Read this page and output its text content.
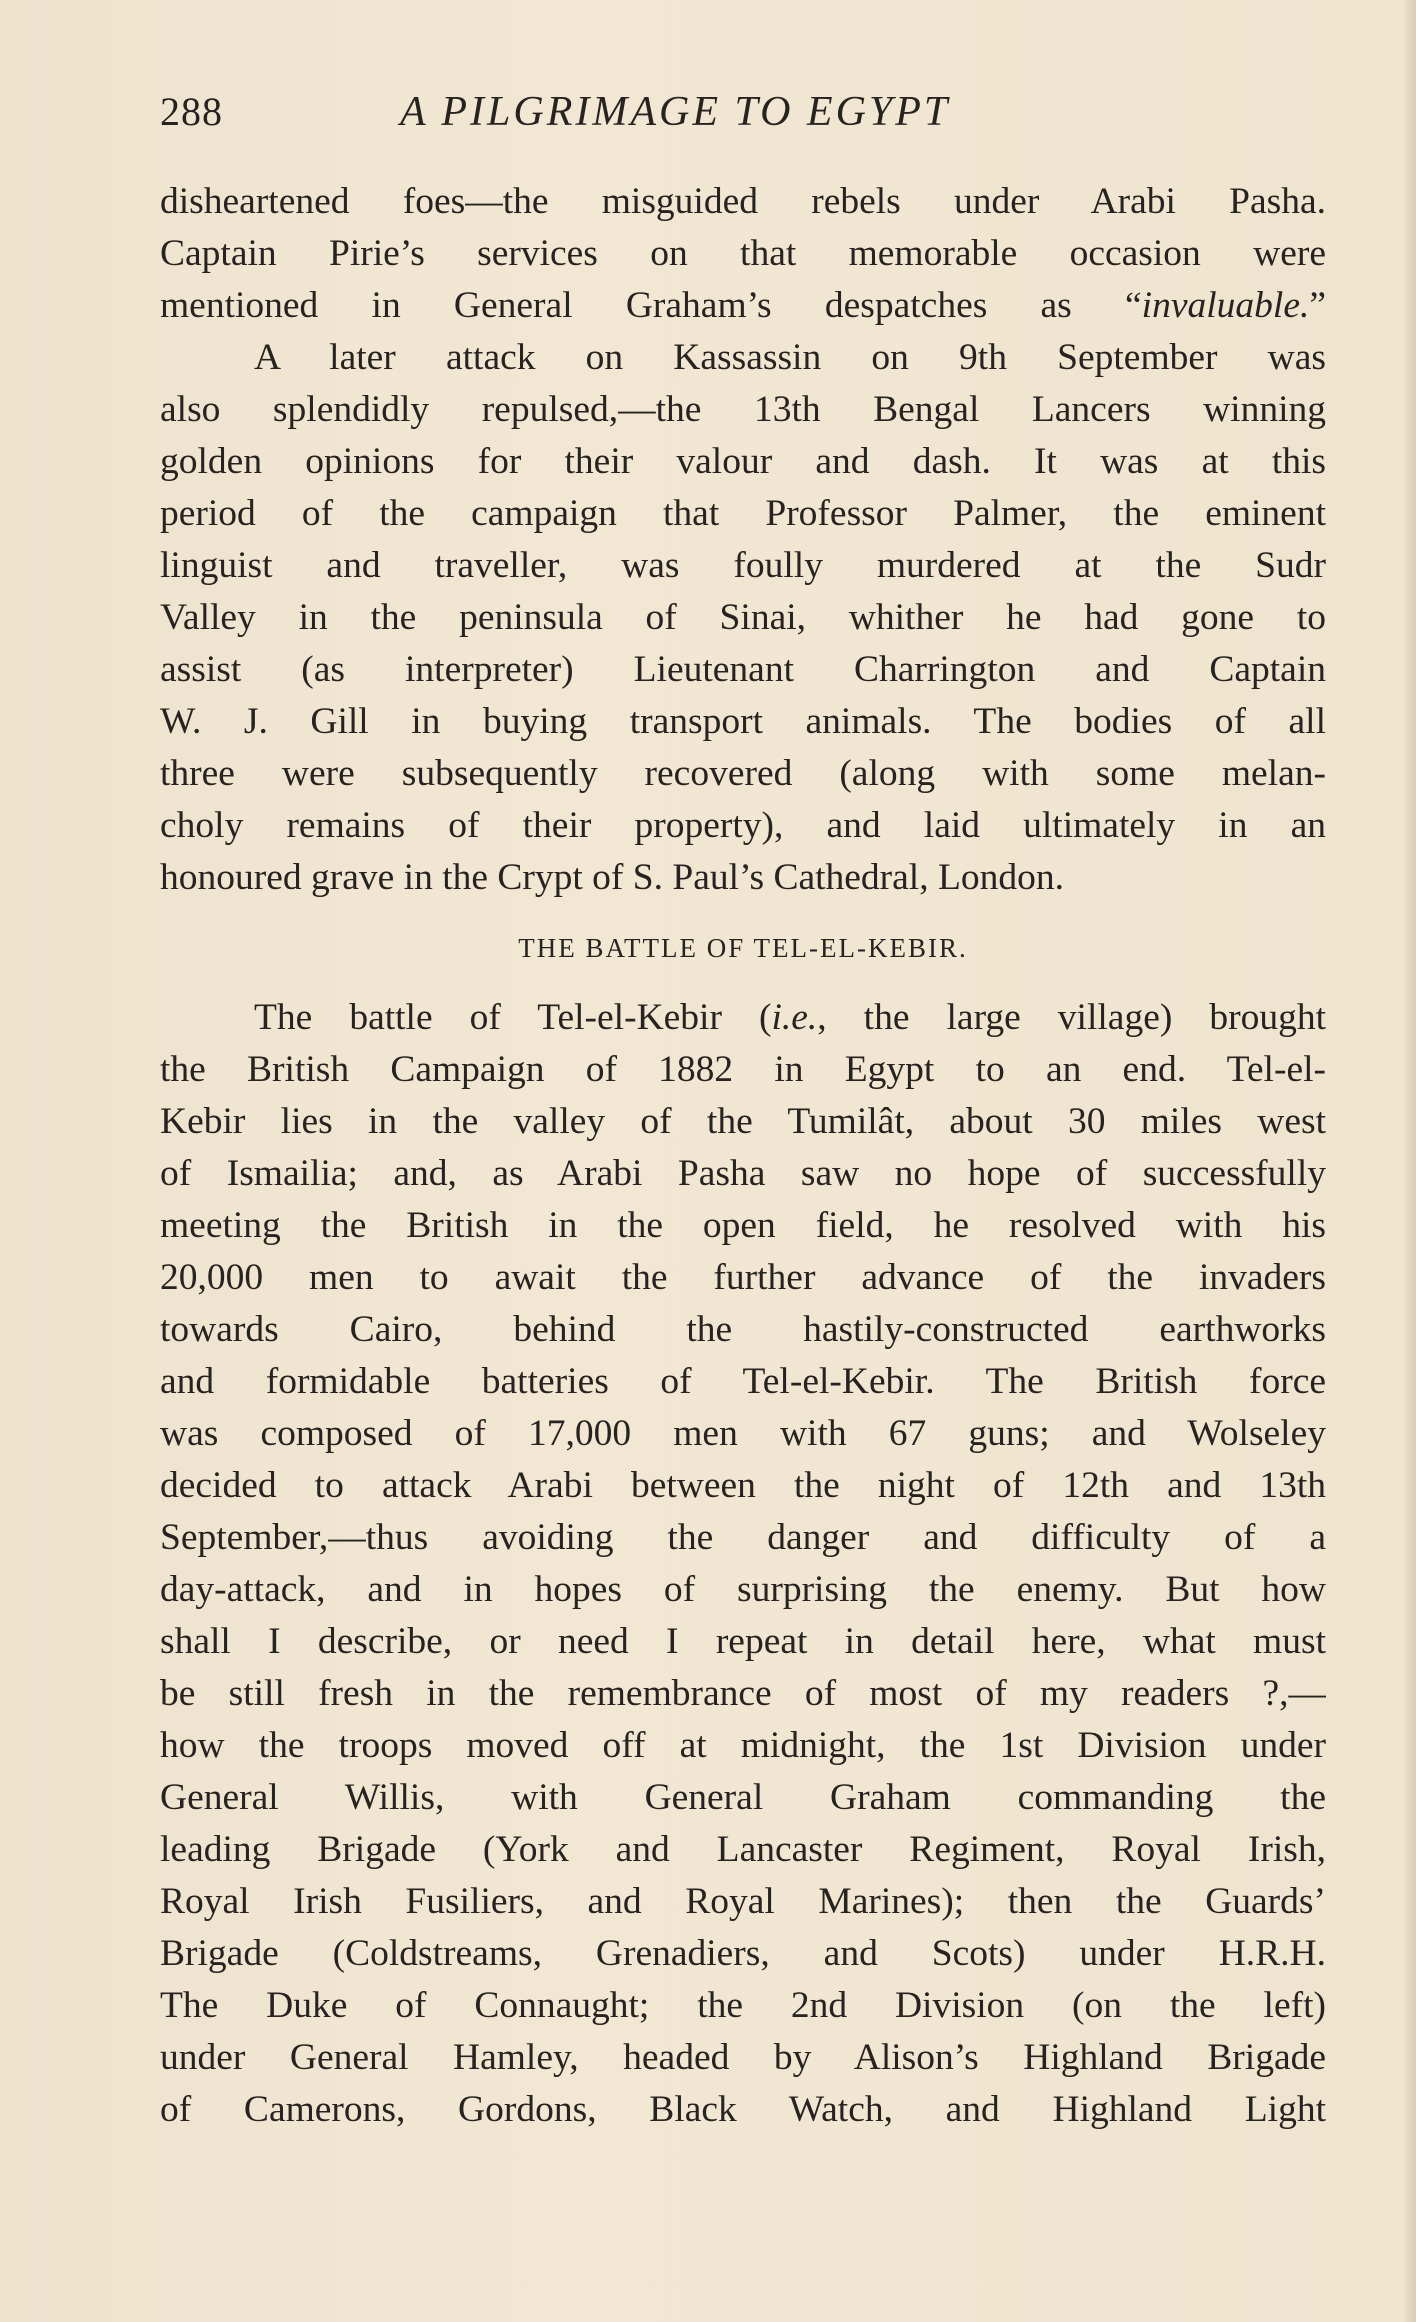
288	A PILGRIMAGE TO EGYPT
disheartened foes—the misguided rebels under Arabi Pasha.
Captain Pirie’s services on that memorable occasion were
mentioned in General Graham’s despatches as “invaluable.”
A later attack on Kassassin on 9th September was
also splendidly repulsed,—the 13th Bengal Lancers winning
golden opinions for their valour and dash. It was at this
period of the campaign that Professor Palmer, the eminent
linguist and traveller, was foully murdered at the Sudr
Valley in the peninsula of Sinai, whither he had gone to
assist (as interpreter) Lieutenant Charrington and Captain
W. J. Gill in buying transport animals. The bodies of all
three were subsequently recovered (along with some melan-
choly remains of their property), and laid ultimately in an
honoured grave in the Crypt of S. Paul’s Cathedral, London.
THE BATTLE OF TEL-EL-KEBIR.
The battle of Tel-el-Kebir (i.e., the large village) brought
the British Campaign of 1882 in Egypt to an end. Tel-el-
Kebir lies in the valley of the Tumilât, about 30 miles west
of Ismailia; and, as Arabi Pasha saw no hope of successfully
meeting the British in the open field, he resolved with his
20,000 men to await the further advance of the invaders
towards Cairo, behind the hastily-constructed earthworks
and formidable batteries of Tel-el-Kebir. The British force
was composed of 17,000 men with 67 guns; and Wolseley
decided to attack Arabi between the night of 12th and 13th
September,—thus avoiding the danger and difficulty of a
day-attack, and in hopes of surprising the enemy. But how
shall I describe, or need I repeat in detail here, what must
be still fresh in the remembrance of most of my readers ?,—
how the troops moved off at midnight, the 1st Division under
General Willis, with General Graham commanding the
leading Brigade (York and Lancaster Regiment, Royal Irish,
Royal Irish Fusiliers, and Royal Marines); then the Guards’
Brigade (Coldstreams, Grenadiers, and Scots) under H.R.H.
The Duke of Connaught; the 2nd Division (on the left)
under General Hamley, headed by Alison’s Highland Brigade
of Camerons, Gordons, Black Watch, and Highland Light
